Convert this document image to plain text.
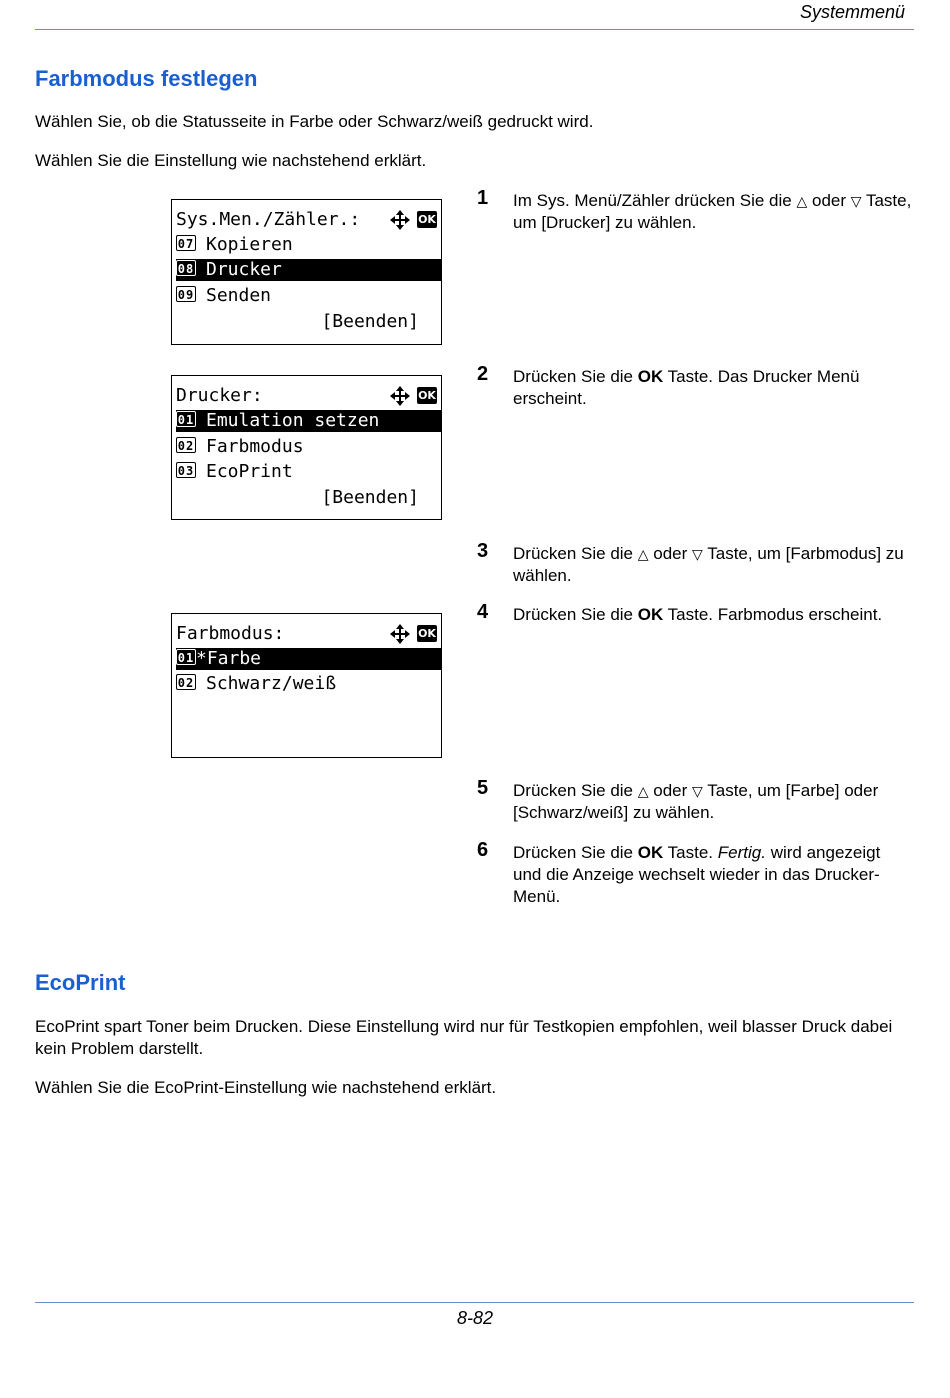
Systemmenü
Farbmodus festlegen
Wählen Sie, ob die Statusseite in Farbe oder Schwarz/weiß gedruckt wird.
Wählen Sie die Einstellung wie nachstehend erklärt.
Sys.Men./Zähler.:	OK
07 Kopieren
08 Drucker
09 Senden
[Beenden]
Drucker:	OK
01 Emulation setzen
02 Farbmodus
03 EcoPrint
[Beenden]
Farbmodus:	OK
01*Farbe
02 Schwarz/weiß
1 Im Sys. Menü/Zähler drücken Sie die △ oder ▽ Taste, um [Drucker] zu wählen.
2 Drücken Sie die OK Taste. Das Drucker Menü erscheint.
3 Drücken Sie die △ oder ▽ Taste, um [Farbmodus] zu wählen.
4 Drücken Sie die OK Taste. Farbmodus erscheint.
5 Drücken Sie die △ oder ▽ Taste, um [Farbe] oder [Schwarz/weiß] zu wählen.
6 Drücken Sie die OK Taste. Fertig. wird angezeigt und die Anzeige wechselt wieder in das Drucker-Menü.
EcoPrint
EcoPrint spart Toner beim Drucken. Diese Einstellung wird nur für Testkopien empfohlen, weil blasser Druck dabei kein Problem darstellt.
Wählen Sie die EcoPrint-Einstellung wie nachstehend erklärt.
8-82
